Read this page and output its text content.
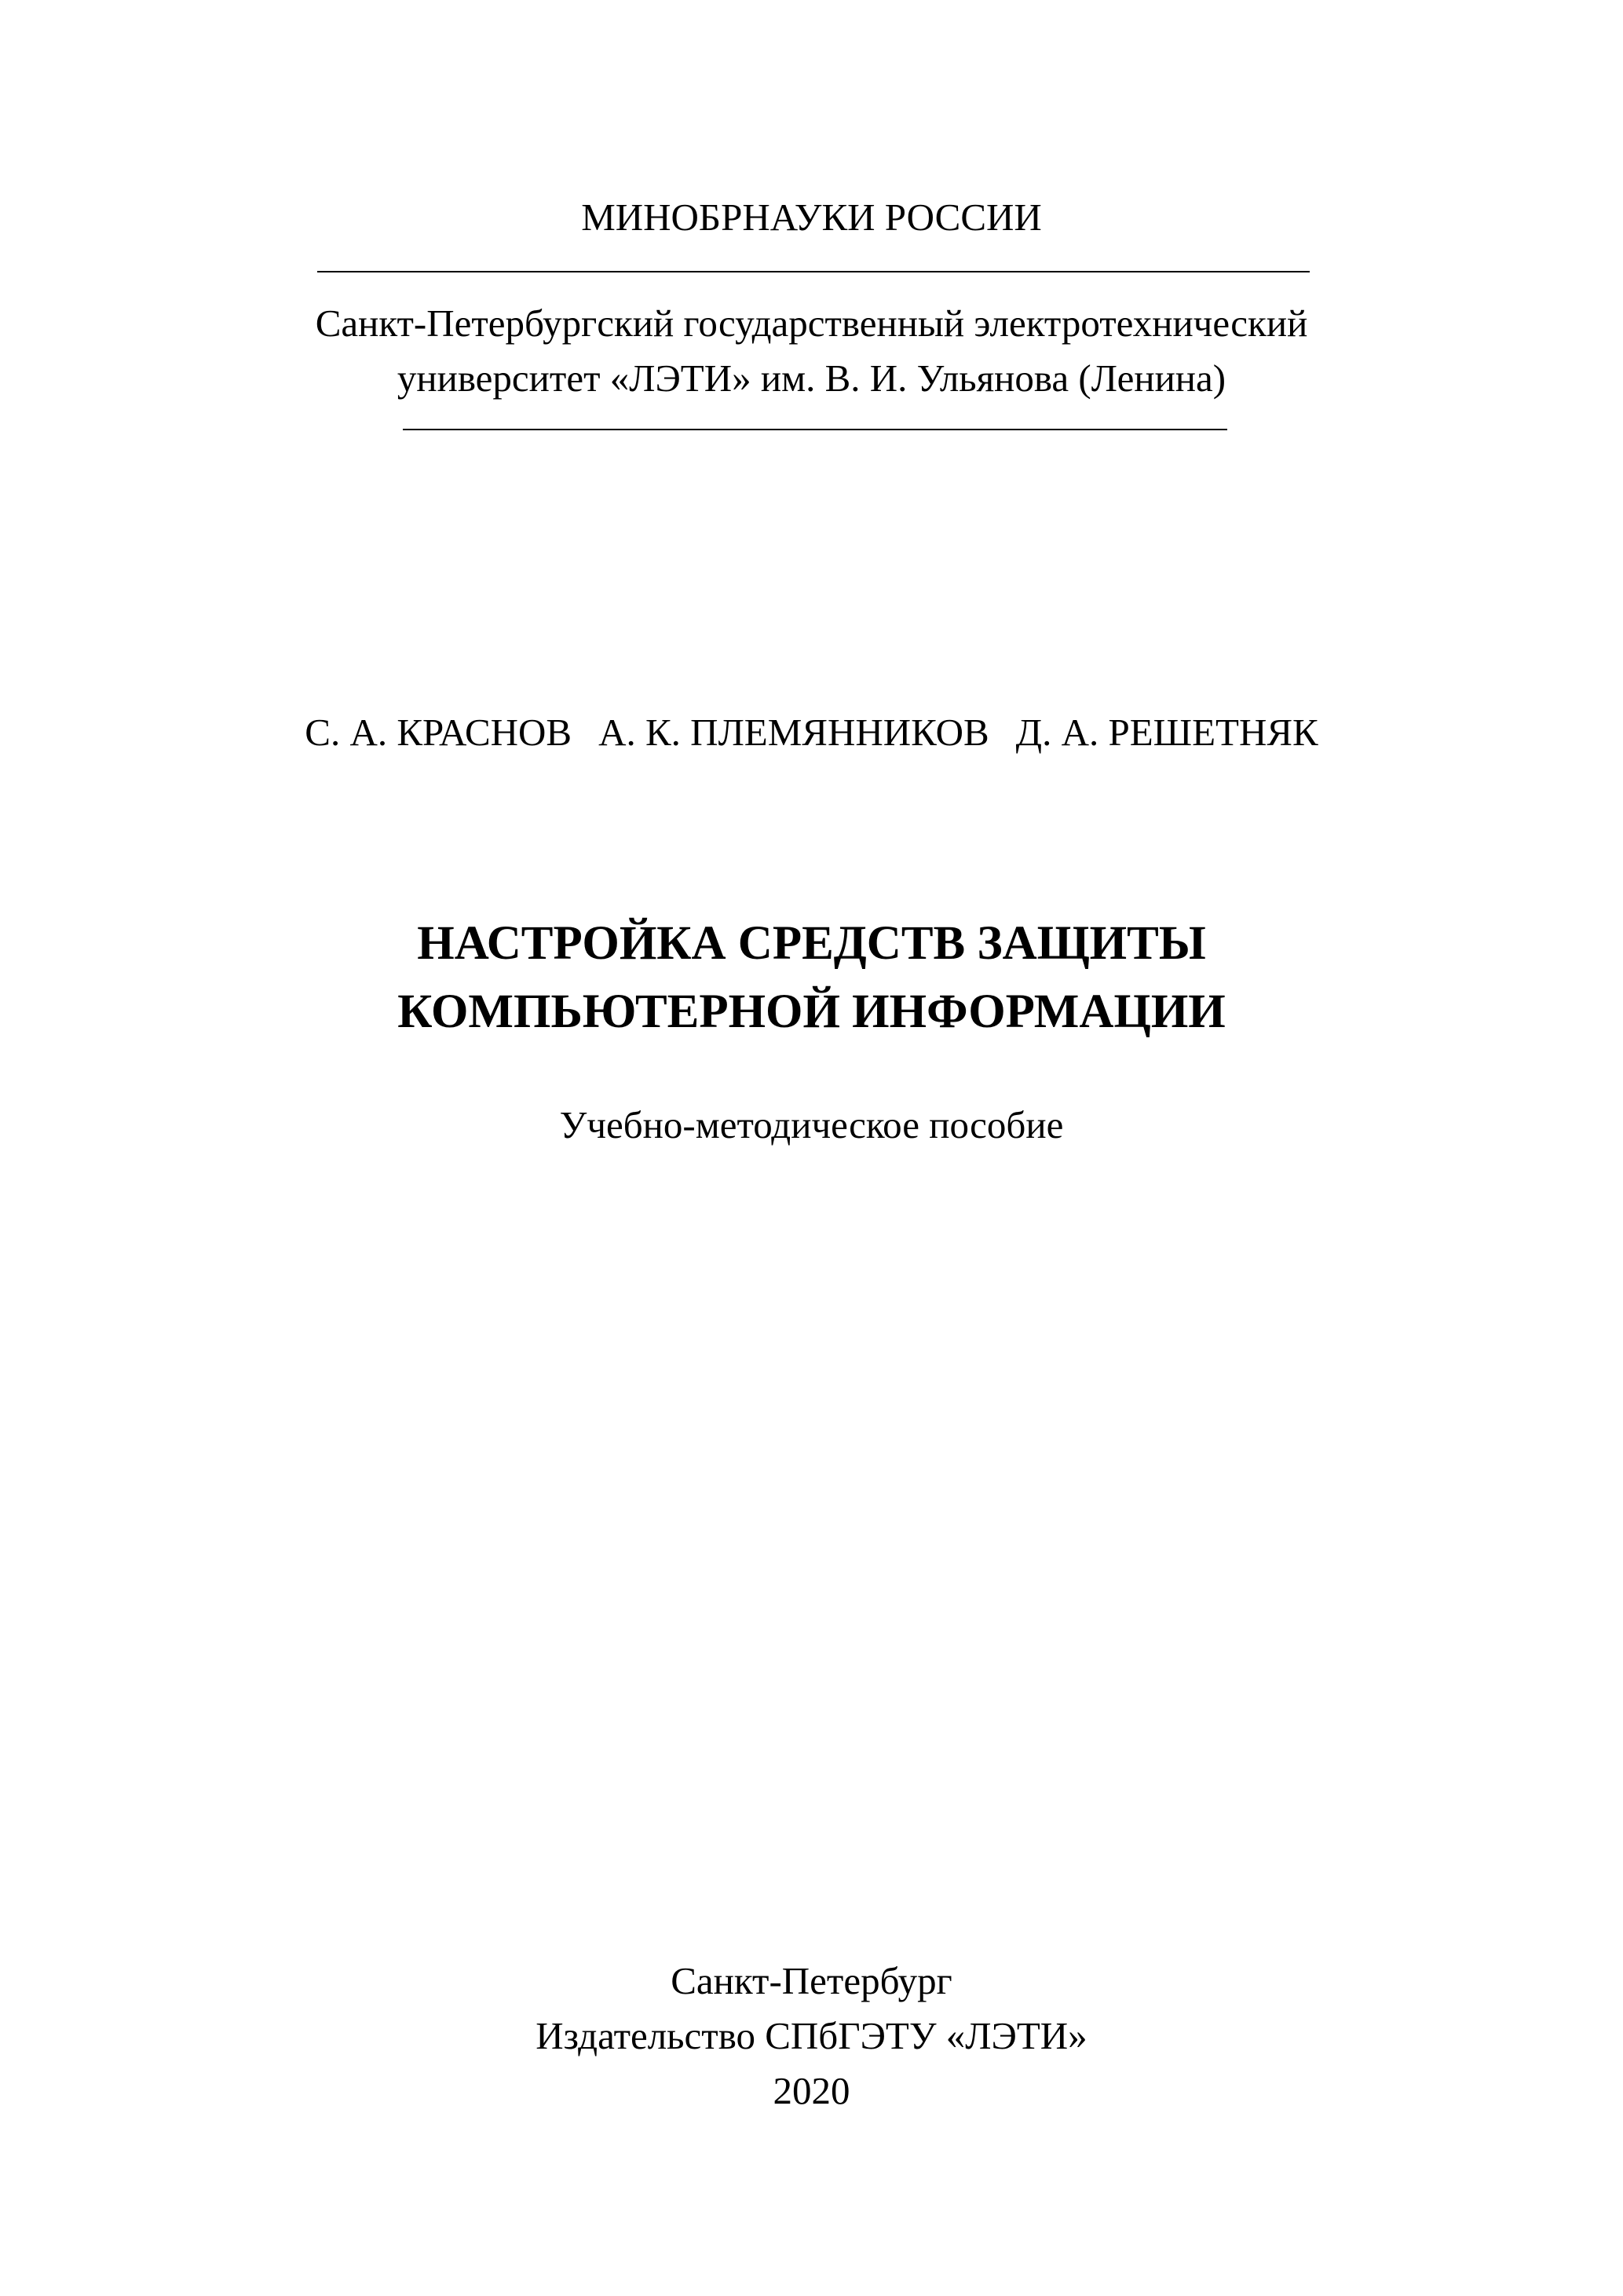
МИНОБРНАУКИ РОССИИ
Санкт-Петербургский государственный электротехнический
университет «ЛЭТИ» им. В. И. Ульянова (Ленина)
С. А. КРАСНОВ А. К. ПЛЕМЯННИКОВ Д. А. РЕШЕТНЯК
НАСТРОЙКА СРЕДСТВ ЗАЩИТЫ
КОМПЬЮТЕРНОЙ ИНФОРМАЦИИ
Учебно-методическое пособие
Санкт-Петербург
Издательство СПбГЭТУ «ЛЭТИ»
2020
